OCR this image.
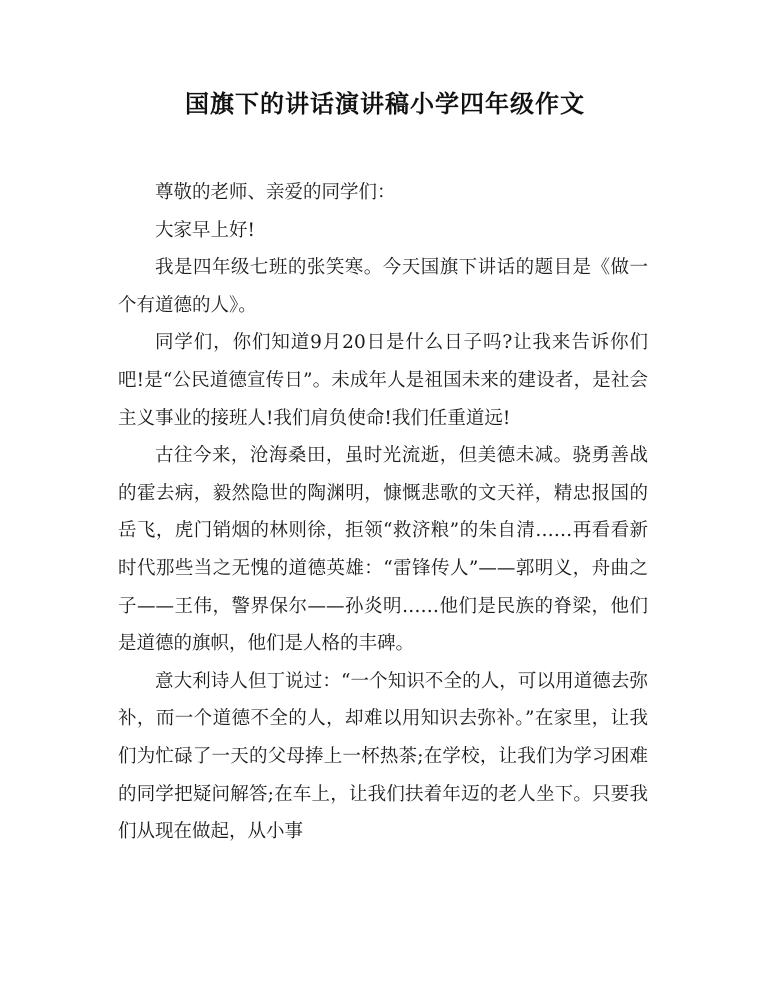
国旗下的讲话演讲稿小学四年级作文

尊敬的老师、亲爱的同学们：

大家早上好!

我是四年级七班的张笑寒。今天国旗下讲话的题目是《做一个有道德的人》。

同学们，你们知道9月20日是什么日子吗?让我来告诉你们吧!是“公民道德宣传日”。未成年人是祖国未来的建设者，是社会主义事业的接班人!我们肩负使命!我们任重道远!

古往今来，沧海桑田，虽时光流逝，但美德未减。骁勇善战的霍去病，毅然隐世的陶渊明，慷慨悲歌的文天祥，精忠报国的岳飞，虎门销烟的林则徐，拒领“救济粮”的朱自清……再看看新时代那些当之无愧的道德英雄：“雷锋传人”——郭明义，舟曲之子——王伟，警界保尔——孙炎明……他们是民族的脊梁，他们是道德的旗帜，他们是人格的丰碑。

意大利诗人但丁说过：“一个知识不全的人，可以用道德去弥补，而一个道德不全的人，却难以用知识去弥补。”在家里，让我们为忙碌了一天的父母捧上一杯热茶;在学校，让我们为学习困难的同学把疑问解答;在车上，让我们扶着年迈的老人坐下。只要我们从现在做起，从小事
